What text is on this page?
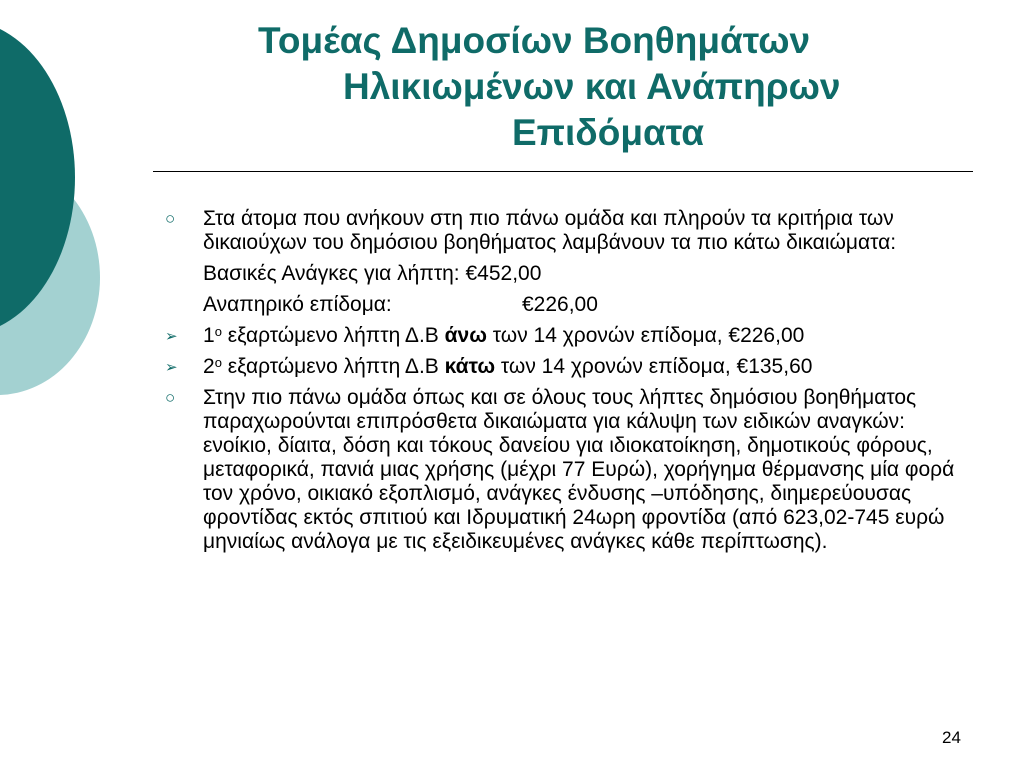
Τομέας Δημοσίων Βοηθημάτων
Ηλικιωμένων και Ανάπηρων
Επιδόματα
○ Στα άτομα που ανήκουν στη πιο πάνω ομάδα και πληρούν τα κριτήρια των δικαιούχων του δημόσιου βοηθήματος λαμβάνουν τα πιο κάτω δικαιώματα:
Βασικές Ανάγκες για λήπτη: €452,00
Αναπηρικό επίδομα:	€226,00
➢ $1^o$ εξαρτώμενο λήπτη Δ.Β άνω των 14 χρονών επίδομα, €226,00
➢ $2^o$ εξαρτώμενο λήπτη Δ.Β κάτω των 14 χρονών επίδομα, €135,60
○ Στην πιο πάνω ομάδα όπως και σε όλους τους λήπτες δημόσιου βοηθήματος παραχωρούνται επιπρόσθετα δικαιώματα για κάλυψη των ειδικών αναγκών: ενοίκιο, δίαιτα, δόση και τόκους δανείου για ιδιοκατοίκηση, δημοτικούς φόρους, μεταφορικά, πανιά μιας χρήσης (μέχρι 77 Ευρώ), χορήγημα θέρμανσης μία φορά τον χρόνο, οικιακό εξοπλισμό, ανάγκες ένδυσης –υπόδησης, διημερεύουσας φροντίδας εκτός σπιτιού και Ιδρυματική 24ωρη φροντίδα (από 623,02-745 ευρώ μηνιαίως ανάλογα με τις εξειδικευμένες ανάγκες κάθε περίπτωσης).
24
